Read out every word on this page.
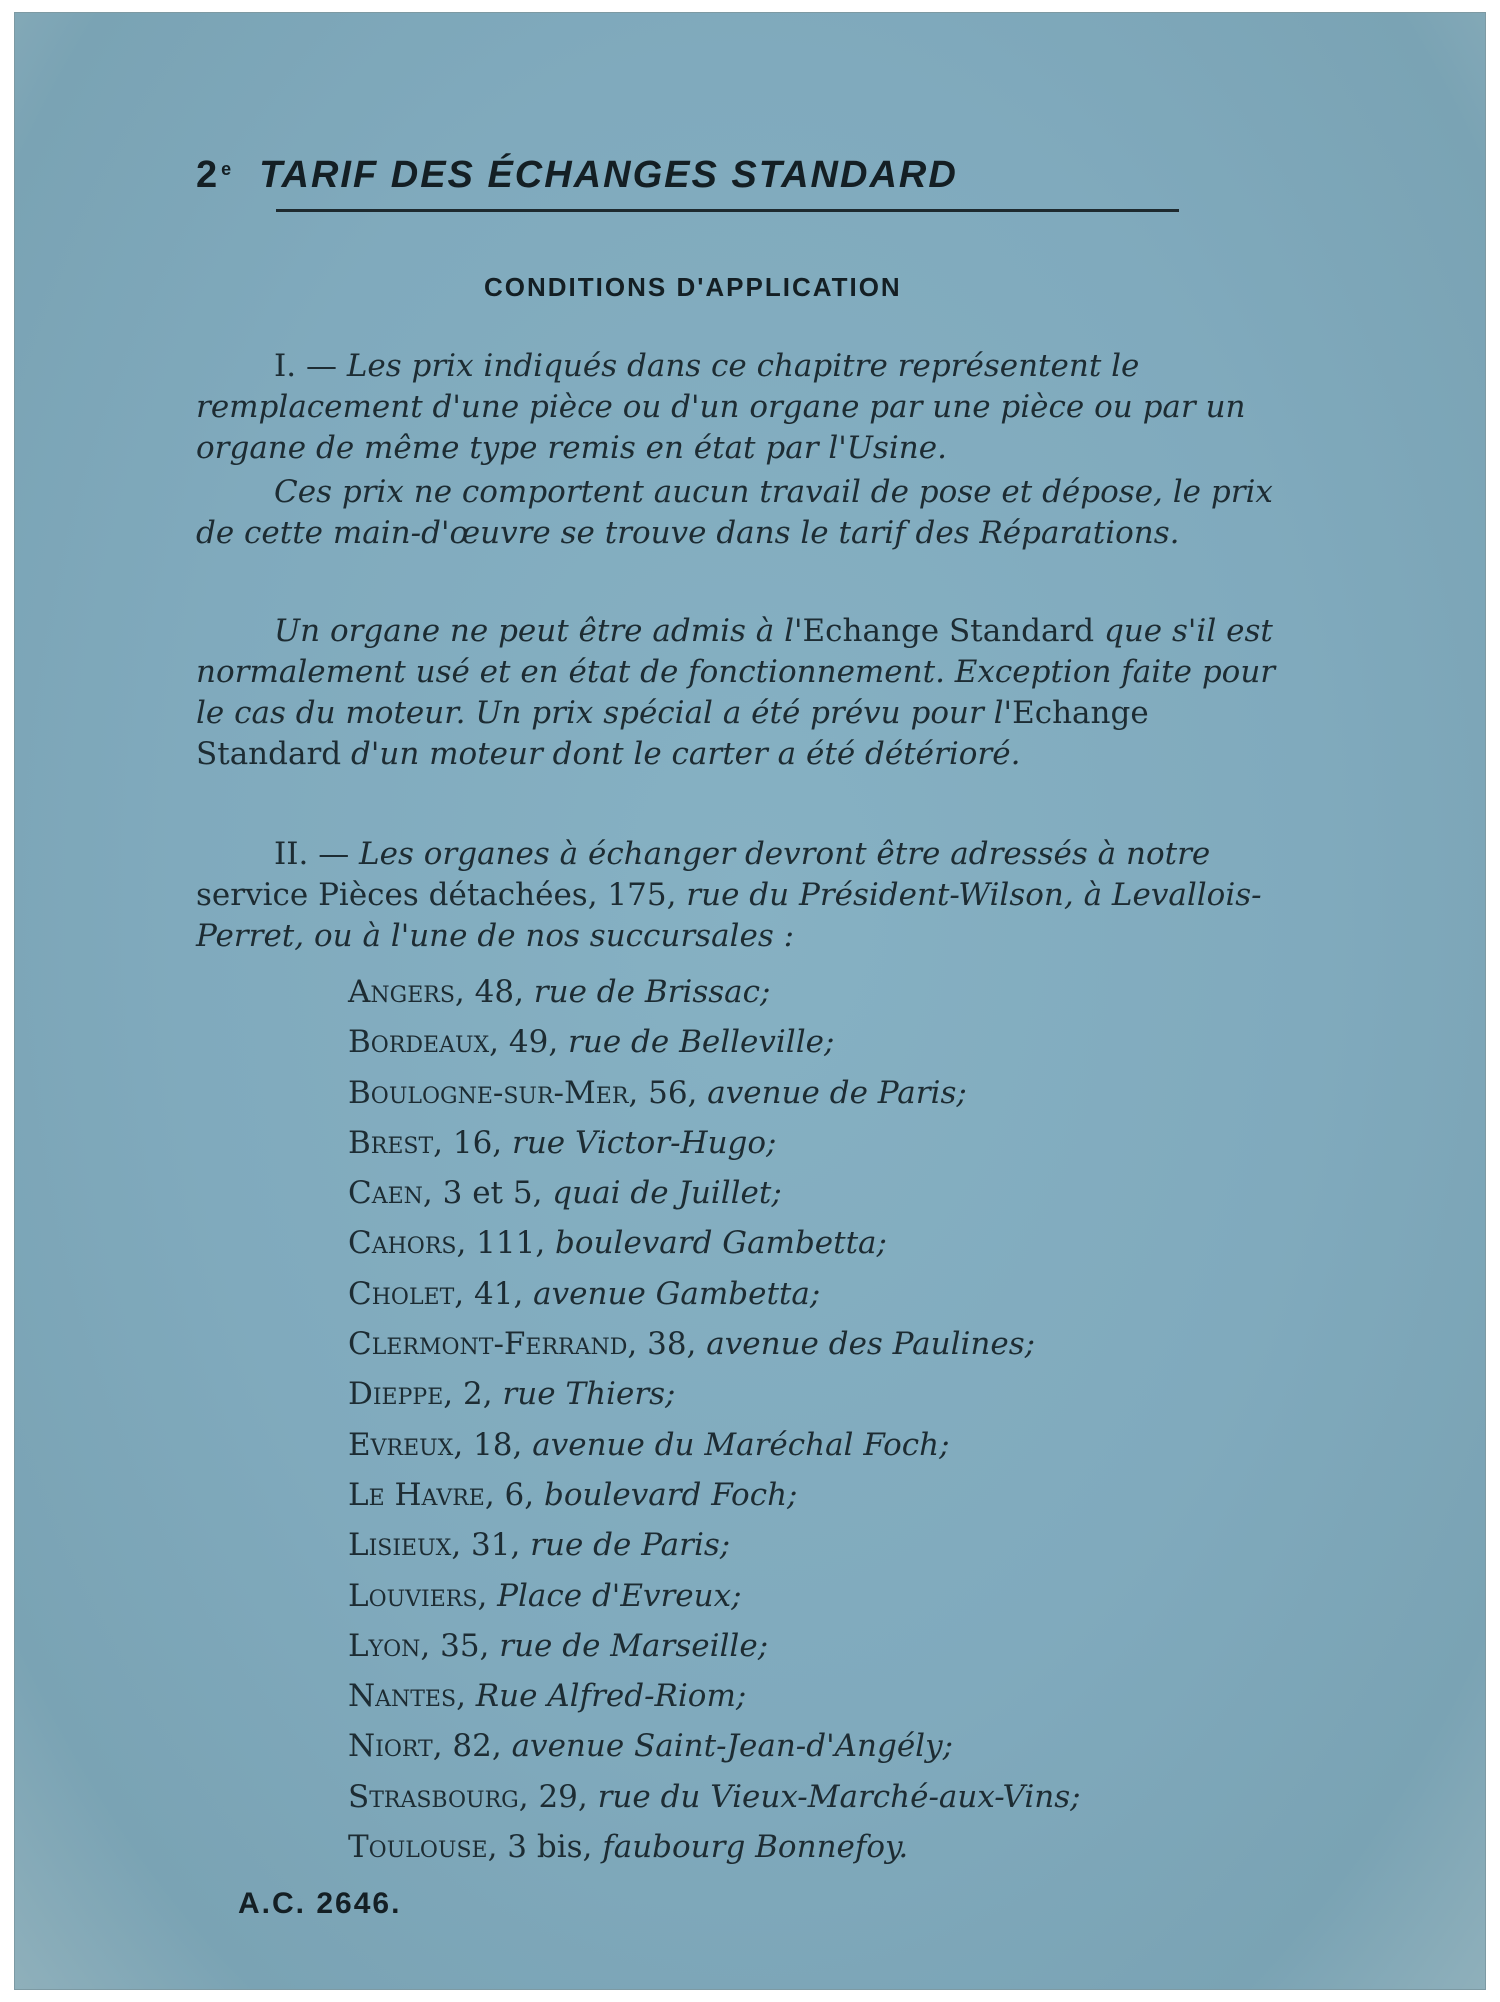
2 $^e$ TARIF DES ÉCHANGES STANDARD
CONDITIONS D'APPLICATION

I. — Les prix indiqués dans ce chapitre représentent le remplacement d'une pièce ou d'un organe par une pièce ou par un organe de même type remis en état par l'Usine.

Ces prix ne comportent aucun travail de pose et dépose, le prix de cette main-d'œuvre se trouve dans le tarif des Réparations.

Un organe ne peut être admis à l'Echange Standard que s'il est normalement usé et en état de fonctionnement. Exception faite pour le cas du moteur. Un prix spécial a été prévu pour l'Echange Standard d'un moteur dont le carter a été détérioré.

II. — Les organes à échanger devront être adressés à notre service Pièces détachées, 175, rue du Président-Wilson, à Levallois-Perret, ou à l'une de nos succursales :

Angers, 48, rue de Brissac;
Bordeaux, 49, rue de Belleville;
Boulogne-sur-Mer, 56, avenue de Paris;
Brest, 16, rue Victor-Hugo;
Caen, 3 et 5, quai de Juillet;
Cahors, 111, boulevard Gambetta;
Cholet, 41, avenue Gambetta;
Clermont-Ferrand, 38, avenue des Paulines;
Dieppe, 2, rue Thiers;
Evreux, 18, avenue du Maréchal Foch;
Le Havre, 6, boulevard Foch;
Lisieux, 31, rue de Paris;
Louviers, Place d'Evreux;
Lyon, 35, rue de Marseille;
Nantes, Rue Alfred-Riom;
Niort, 82, avenue Saint-Jean-d'Angély;
Strasbourg, 29, rue du Vieux-Marché-aux-Vins;
Toulouse, 3 bis, faubourg Bonnefoy.
A.C. 2646.
